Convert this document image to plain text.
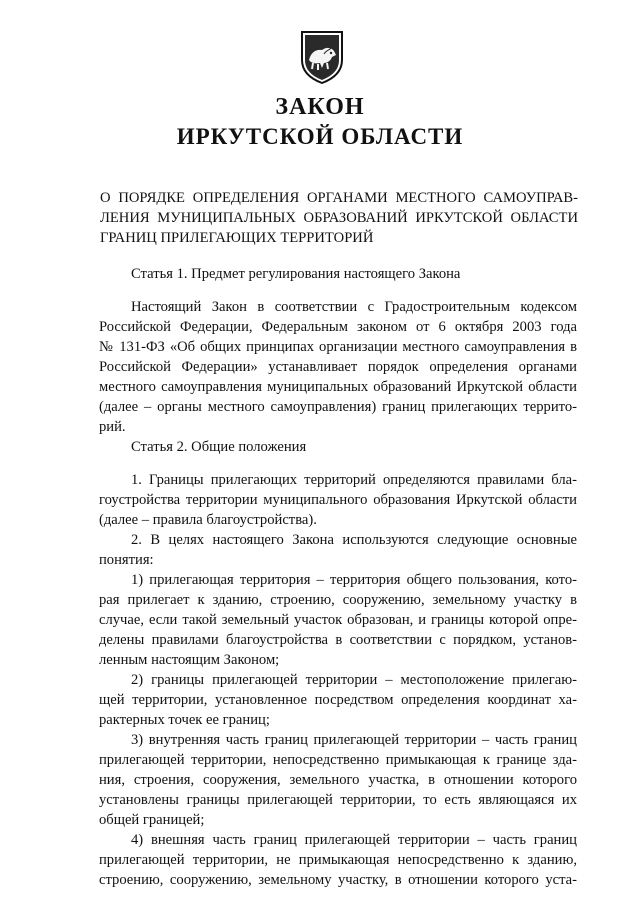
ЗАКОН
ИРКУТСКОЙ ОБЛАСТИ
О ПОРЯДКЕ ОПРЕДЕЛЕНИЯ ОРГАНАМИ МЕСТНОГО САМОУПРАВ-
ЛЕНИЯ МУНИЦИПАЛЬНЫХ ОБРАЗОВАНИЙ ИРКУТСКОЙ ОБЛАСТИ
ГРАНИЦ ПРИЛЕГАЮЩИХ ТЕРРИТОРИЙ
Статья 1. Предмет регулирования настоящего Закона
Настоящий Закон в соответствии с Градостроительным кодексом
Российской Федерации, Федеральным законом от 6 октября 2003 года
№ 131-ФЗ «Об общих принципах организации местного самоуправления в
Российской Федерации» устанавливает порядок определения органами
местного самоуправления муниципальных образований Иркутской области
(далее – органы местного самоуправления) границ прилегающих террито-
рий.
Статья 2. Общие положения
1. Границы прилегающих территорий определяются правилами бла-
гоустройства территории муниципального образования Иркутской области
(далее – правила благоустройства).
2. В целях настоящего Закона используются следующие основные
понятия:
1) прилегающая территория – территория общего пользования, кото-
рая прилегает к зданию, строению, сооружению, земельному участку в
случае, если такой земельный участок образован, и границы которой опре-
делены правилами благоустройства в соответствии с порядком, установ-
ленным настоящим Законом;
2) границы прилегающей территории – местоположение прилегаю-
щей территории, установленное посредством определения координат ха-
рактерных точек ее границ;
3) внутренняя часть границ прилегающей территории – часть границ
прилегающей территории, непосредственно примыкающая к границе зда-
ния, строения, сооружения, земельного участка, в отношении которого
установлены границы прилегающей территории, то есть являющаяся их
общей границей;
4) внешняя часть границ прилегающей территории – часть границ
прилегающей территории, не примыкающая непосредственно к зданию,
строению, сооружению, земельному участку, в отношении которого уста-
